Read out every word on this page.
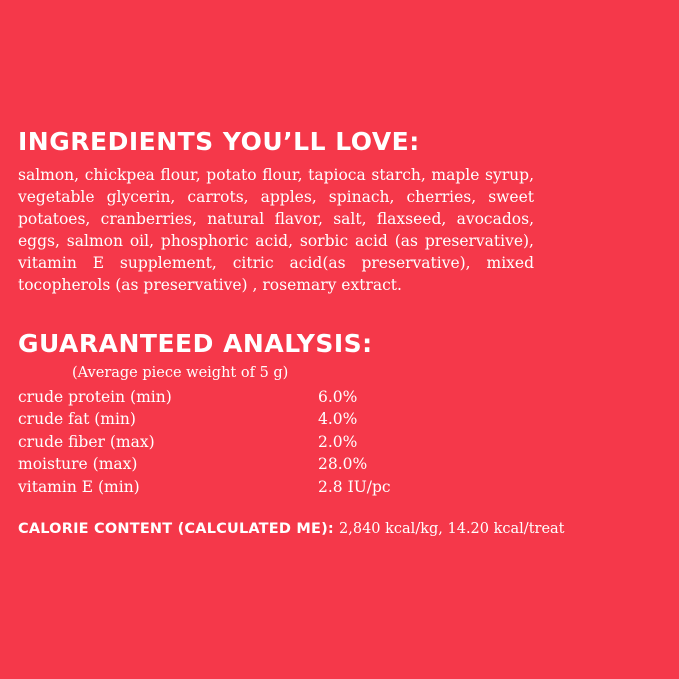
INGREDIENTS YOU’LL LOVE:

salmon, chickpea flour, potato flour, tapioca starch, maple syrup, vegetable glycerin, carrots, apples, spinach, cherries, sweet potatoes, cranberries, natural flavor, salt, flaxseed, avocados, eggs, salmon oil, phosphoric acid, sorbic acid (as preservative), vitamin E supplement, citric acid(as preservative), mixed tocopherols (as preservative) , rosemary extract.

GUARANTEED ANALYSIS:
(Average piece weight of 5 g)
crude protein (min)	6.0%
crude fat (min)	4.0%
crude fiber (max)	2.0%
moisture (max)	28.0%
vitamin E (min)	2.8 IU/pc
CALORIE CONTENT (CALCULATED ME): 2,840 kcal/kg, 14.20 kcal/treat
